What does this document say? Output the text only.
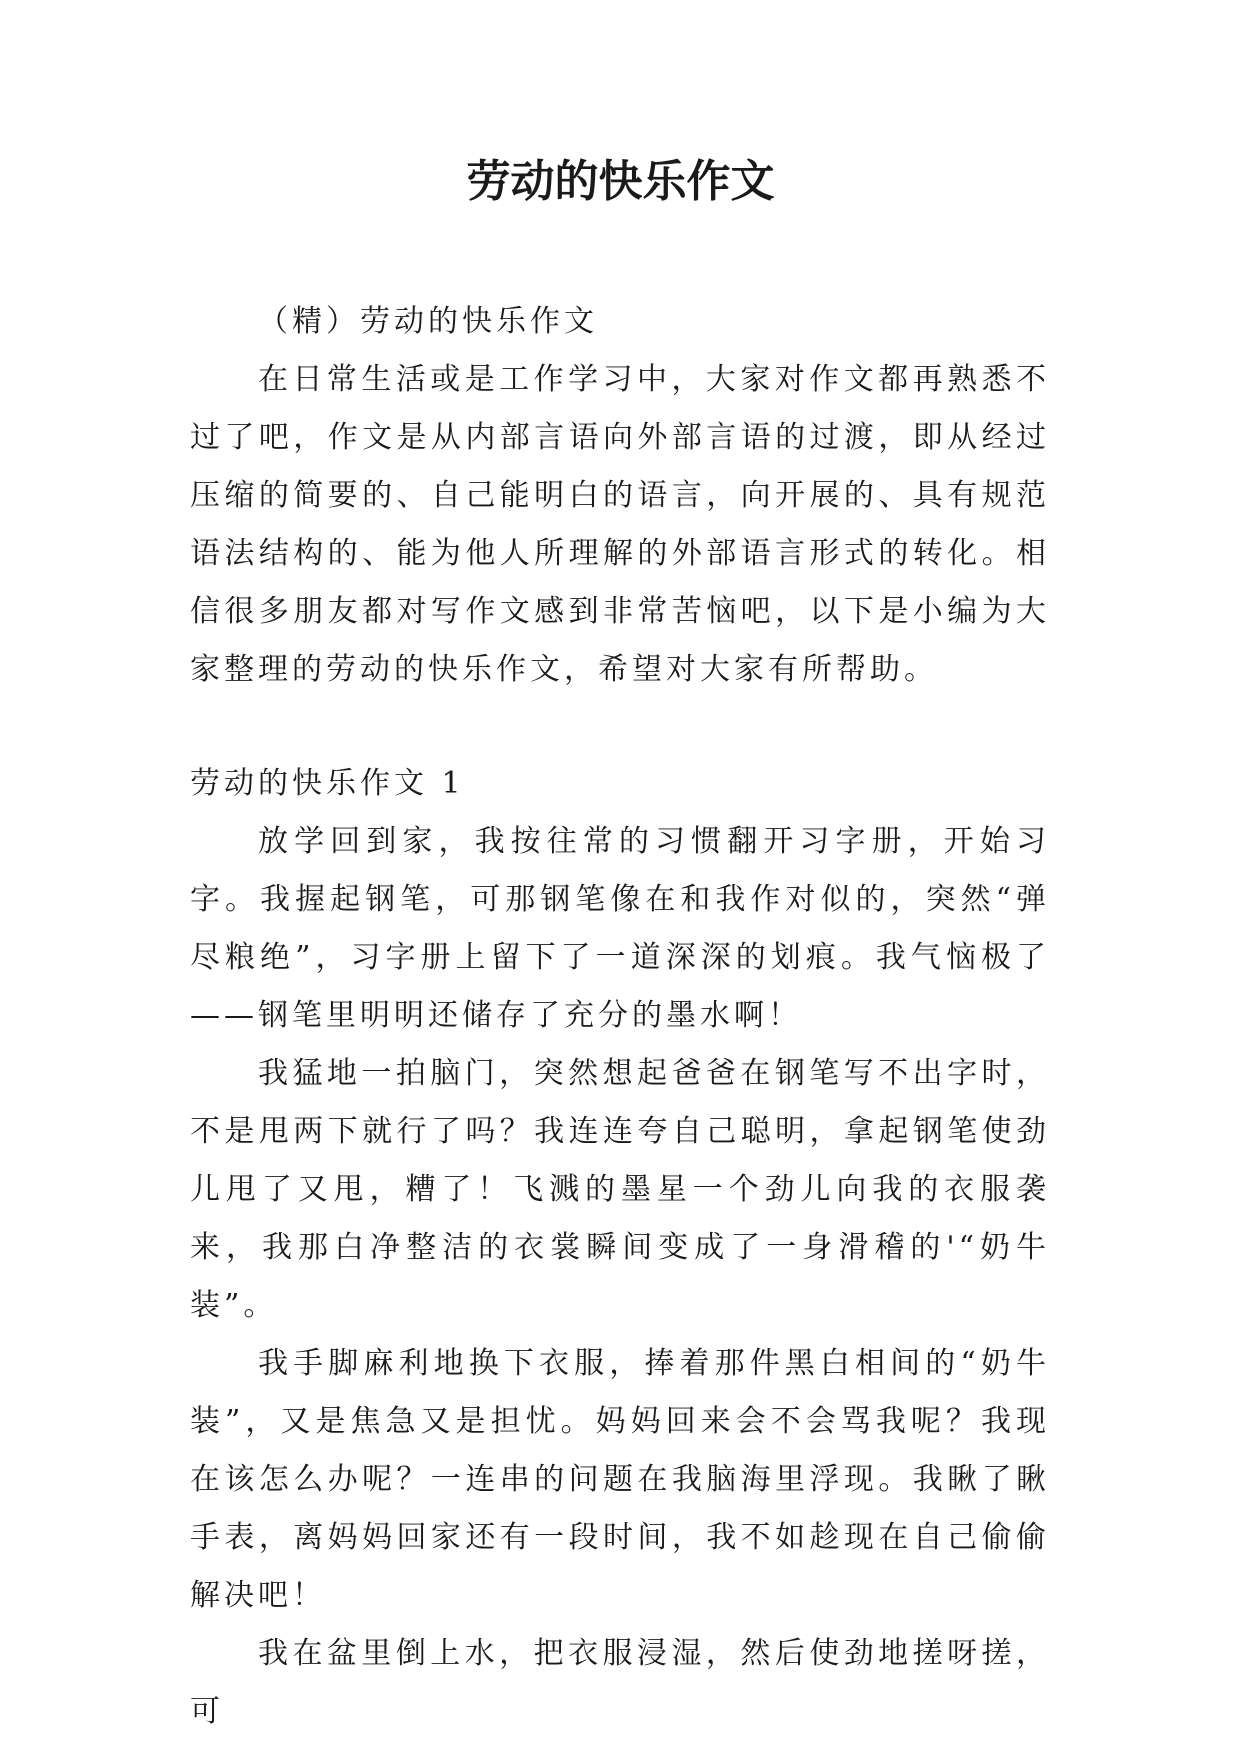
劳动的快乐作文

（精）劳动的快乐作文

在日常生活或是工作学习中，大家对作文都再熟悉不过了吧，作文是从内部言语向外部言语的过渡，即从经过压缩的简要的、自己能明白的语言，向开展的、具有规范语法结构的、能为他人所理解的外部语言形式的转化。相信很多朋友都对写作文感到非常苦恼吧，以下是小编为大家整理的劳动的快乐作文，希望对大家有所帮助。

劳动的快乐作文 1

放学回到家，我按往常的习惯翻开习字册，开始习字。我握起钢笔，可那钢笔像在和我作对似的，突然“弹尽粮绝”，习字册上留下了一道深深的划痕。我气恼极了——钢笔里明明还储存了充分的墨水啊！

我猛地一拍脑门，突然想起爸爸在钢笔写不出字时，不是甩两下就行了吗？我连连夸自己聪明，拿起钢笔使劲儿甩了又甩，糟了！飞溅的墨星一个劲儿向我的衣服袭来，我那白净整洁的衣裳瞬间变成了一身滑稽的'“奶牛装”。

我手脚麻利地换下衣服，捧着那件黑白相间的“奶牛装”，又是焦急又是担忧。妈妈回来会不会骂我呢？我现在该怎么办呢？一连串的问题在我脑海里浮现。我瞅了瞅手表，离妈妈回家还有一段时间，我不如趁现在自己偷偷解决吧！

我在盆里倒上水，把衣服浸湿，然后使劲地搓呀搓，可
